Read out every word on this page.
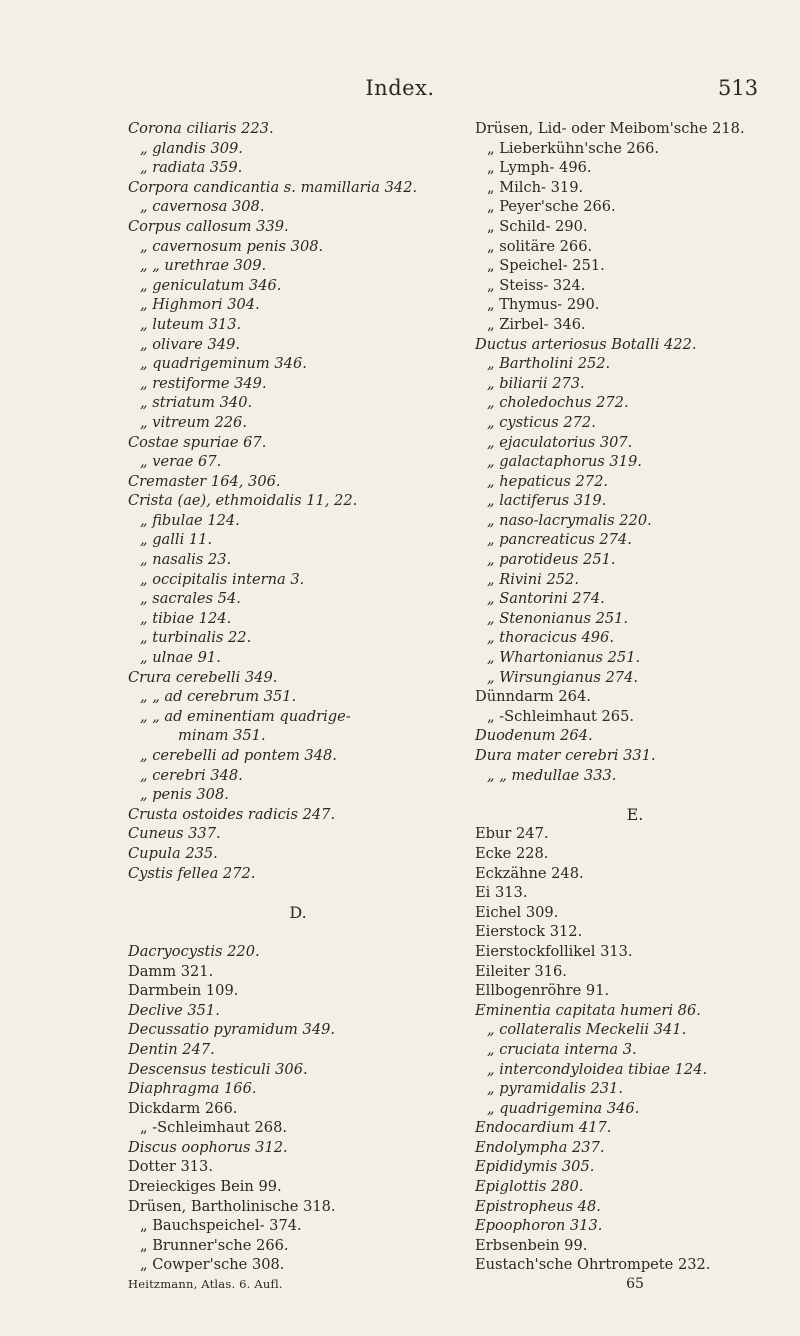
Index.	513
Corona ciliaris 223.
„ glandis 309.
„ radiata 359.
Corpora candicantia s. mamillaria 342.
„ cavernosa 308.
Corpus callosum 339.
„ cavernosum penis 308.
„ „ urethrae 309.
„ geniculatum 346.
„ Highmori 304.
„ luteum 313.
„ olivare 349.
„ quadrigeminum 346.
„ restiforme 349.
„ striatum 340.
„ vitreum 226.
Costae spuriae 67.
„ verae 67.
Cremaster 164, 306.
Crista (ae), ethmoidalis 11, 22.
„ fibulae 124.
„ galli 11.
„ nasalis 23.
„ occipitalis interna 3.
„ sacrales 54.
„ tibiae 124.
„ turbinalis 22.
„ ulnae 91.
Crura cerebelli 349.
„ „ ad cerebrum 351.
„ „ ad eminentiam quadrige-
minam 351.
„ cerebelli ad pontem 348.
„ cerebri 348.
„ penis 308.
Crusta ostoides radicis 247.
Cuneus 337.
Cupula 235.
Cystis fellea 272.
D.
Dacryocystis 220.
Damm 321.
Darmbein 109.
Declive 351.
Decussatio pyramidum 349.
Dentin 247.
Descensus testiculi 306.
Diaphragma 166.
Dickdarm 266.
„ -Schleimhaut 268.
Discus oophorus 312.
Dotter 313.
Dreieckiges Bein 99.
Drüsen, Bartholinische 318.
„ Bauchspeichel- 374.
„ Brunner'sche 266.
„ Cowper'sche 308.
Heitzmann, Atlas. 6. Aufl.
Drüsen, Lid- oder Meibom'sche 218.
„ Lieberkühn'sche 266.
„ Lymph- 496.
„ Milch- 319.
„ Peyer'sche 266.
„ Schild- 290.
„ solitäre 266.
„ Speichel- 251.
„ Steiss- 324.
„ Thymus- 290.
„ Zirbel- 346.
Ductus arteriosus Botalli 422.
„ Bartholini 252.
„ biliarii 273.
„ choledochus 272.
„ cysticus 272.
„ ejaculatorius 307.
„ galactaphorus 319.
„ hepaticus 272.
„ lactiferus 319.
„ naso-lacrymalis 220.
„ pancreaticus 274.
„ parotideus 251.
„ Rivini 252.
„ Santorini 274.
„ Stenonianus 251.
„ thoracicus 496.
„ Whartonianus 251.
„ Wirsungianus 274.
Dünndarm 264.
„ -Schleimhaut 265.
Duodenum 264.
Dura mater cerebri 331.
„ „ medullae 333.
E.
Ebur 247.
Ecke 228.
Eckzähne 248.
Ei 313.
Eichel 309.
Eierstock 312.
Eierstockfollikel 313.
Eileiter 316.
Ellbogenröhre 91.
Eminentia capitata humeri 86.
„ collateralis Meckelii 341.
„ cruciata interna 3.
„ intercondyloidea tibiae 124.
„ pyramidalis 231.
„ quadrigemina 346.
Endocardium 417.
Endolympha 237.
Epididymis 305.
Epiglottis 280.
Epistropheus 48.
Epoophoron 313.
Erbsenbein 99.
Eustach'sche Ohrtrompete 232.
65
